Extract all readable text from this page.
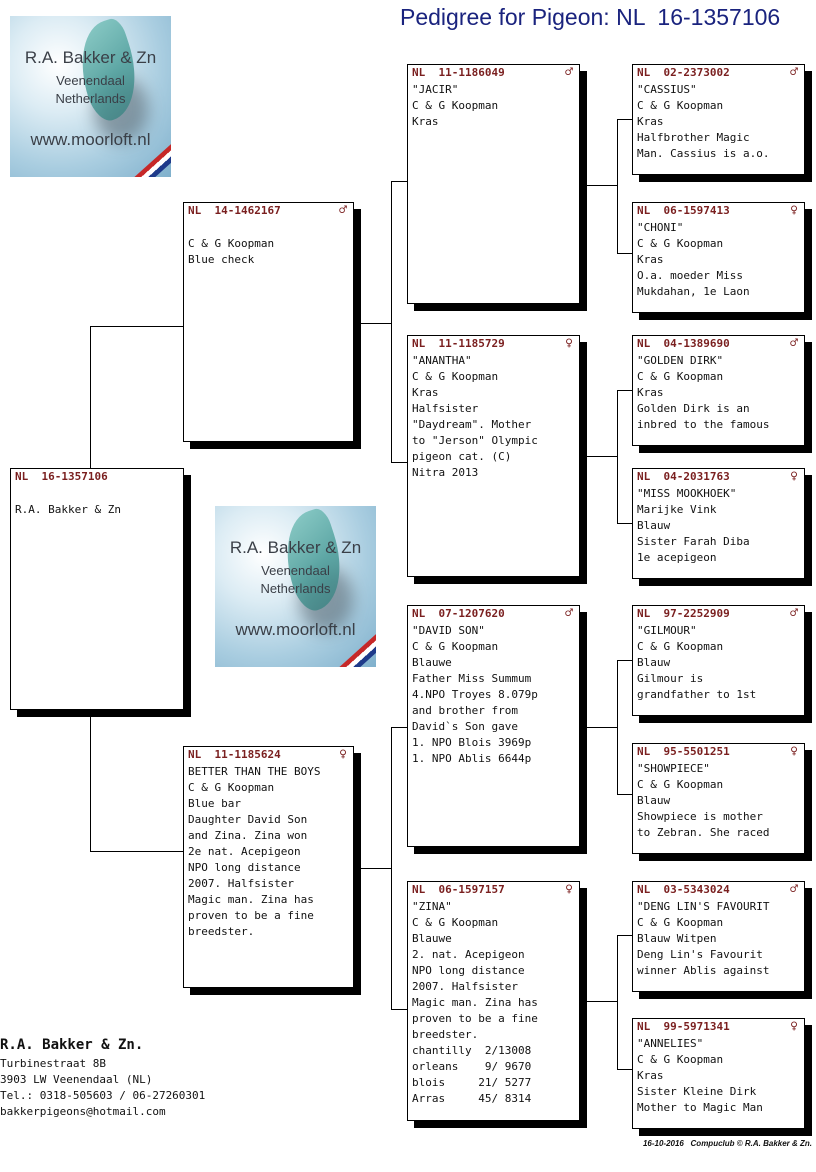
Pedigree for Pigeon: NL  16-1357106
R.A. Bakker & Zn
Veenendaal
Netherlands
www.moorloft.nl
R.A. Bakker & Zn
Veenendaal
Netherlands
www.moorloft.nl
NL  16-1357106

R.A. Bakker & Zn
NL  14-1462167	♂

C & G Koopman
Blue check
NL  11-1185624	♀
BETTER THAN THE BOYS
C & G Koopman
Blue bar
Daughter David Son
and Zina. Zina won
2e nat. Acepigeon
NPO long distance
2007. Halfsister
Magic man. Zina has
proven to be a fine
breedster.
NL  11-1186049	♂
"JACIR"
C & G Koopman
Kras
NL  11-1185729	♀
"ANANTHA"
C & G Koopman
Kras
Halfsister
"Daydream". Mother
to "Jerson" Olympic
pigeon cat. (C)
Nitra 2013
NL  07-1207620	♂
"DAVID SON"
C & G Koopman
Blauwe
Father Miss Summum
4.NPO Troyes 8.079p
and brother from
David`s Son gave
1. NPO Blois 3969p
1. NPO Ablis 6644p
NL  06-1597157	♀
"ZINA"
C & G Koopman
Blauwe
2. nat. Acepigeon
NPO long distance
2007. Halfsister
Magic man. Zina has
proven to be a fine
breedster.
chantilly  2/13008
orleans    9/ 9670
blois     21/ 5277
Arras     45/ 8314
NL  02-2373002	♂
"CASSIUS"
C & G Koopman
Kras
Halfbrother Magic
Man. Cassius is a.o.
NL  06-1597413	♀
"CHONI"
C & G Koopman
Kras
O.a. moeder Miss
Mukdahan, 1e Laon
NL  04-1389690	♂
"GOLDEN DIRK"
C & G Koopman
Kras
Golden Dirk is an
inbred to the famous
NL  04-2031763	♀
"MISS MOOKHOEK"
Marijke Vink
Blauw
Sister Farah Diba
1e acepigeon
NL  97-2252909	♂
"GILMOUR"
C & G Koopman
Blauw
Gilmour is
grandfather to 1st
NL  95-5501251	♀
"SHOWPIECE"
C & G Koopman
Blauw
Showpiece is mother
to Zebran. She raced
NL  03-5343024	♂
"DENG LIN'S FAVOURIT
C & G Koopman
Blauw Witpen
Deng Lin's Favourit
winner Ablis against
NL  99-5971341	♀
"ANNELIES"
C & G Koopman
Kras
Sister Kleine Dirk
Mother to Magic Man
R.A. Bakker & Zn.
Turbinestraat 8B
3903 LW Veenendaal (NL)
Tel.: 0318-505603 / 06-27260301
bakkerpigeons@hotmail.com
16-10-2016   Compuclub © R.A. Bakker & Zn.
